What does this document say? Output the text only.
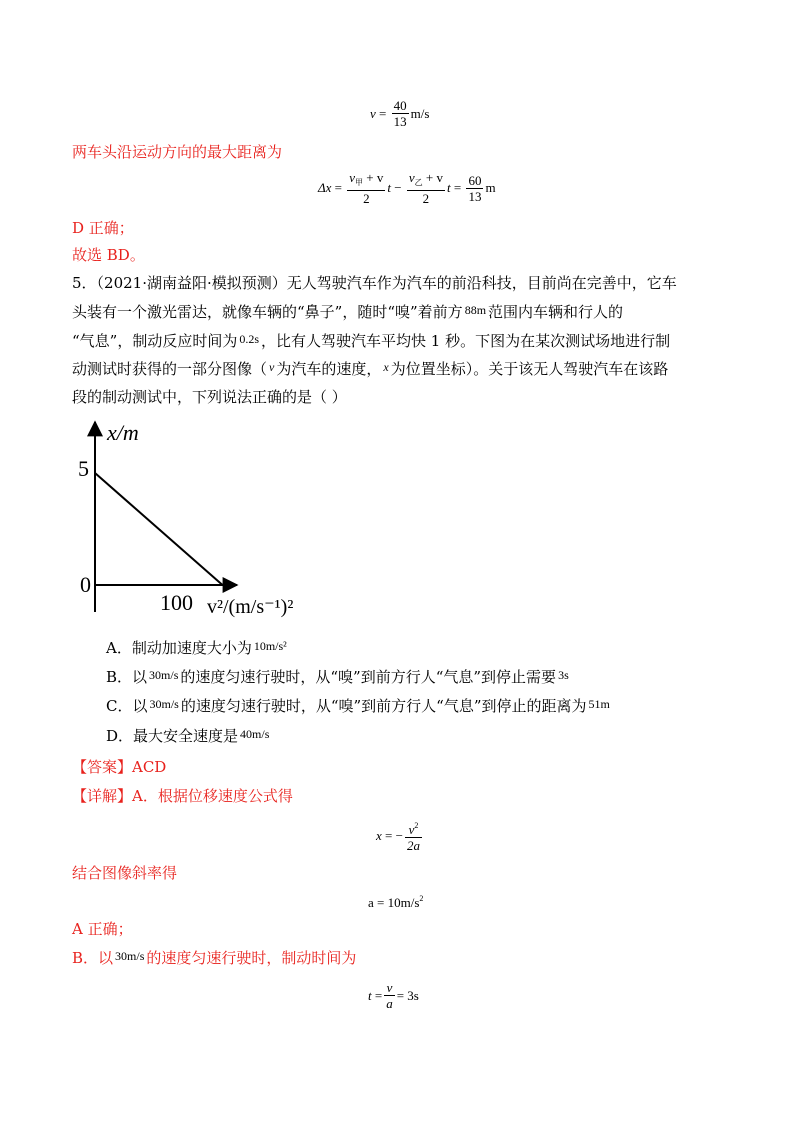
$v = \frac{40}{13} m/s$
两车头沿运动方向的最大距离为
$\Delta x = \frac{v_甲 + v}{2}$ t
−
$\frac{v_乙 + v}{2}$ $t = \frac{60}{13}$ m
D 正确；
故选 BD。
5．（2021·湖南益阳·模拟预测）无人驾驶汽车作为汽车的前沿科技，目前尚在完善中，它车
头装有一个激光雷达，就像车辆的“鼻子”，随时“嗅”着前方 $^{88m}$ 范围内车辆和行人的
“气息”，制动反应时间为 $^{0.2s}$ ，比有人驾驶汽车平均快 1 秒。下图为在某次测试场地进行制
动测试时获得的一部分图像（ $^v$ 为汽车的速度， $^x$ 为位置坐标）。关于该无人驾驶汽车在该路
段的制动测试中，下列说法正确的是（ ）
x/m
5
0
100 v²/(m/s⁻¹)²
A．制动加速度大小为 $^{10m/s^2}$
B．以 $^{30m/s}$ 的速度匀速行驶时，从“嗅”到前方行人“气息”到停止需要 $^{3s}$
C．以 $^{30m/s}$ 的速度匀速行驶时，从“嗅”到前方行人“气息”到停止的距离为 $^{51m}$
D．最大安全速度是 $^{40m/s}$
【答案】ACD
【详解】A．根据位移速度公式得
x
= − $\frac{v^2}{2a}$
结合图像斜率得
$a = 10m/s^2$
A 正确；
B．以 $^{30m/s}$ 的速度匀速行驶时，制动时间为
t
= $\frac{v}{a} = 3s$
